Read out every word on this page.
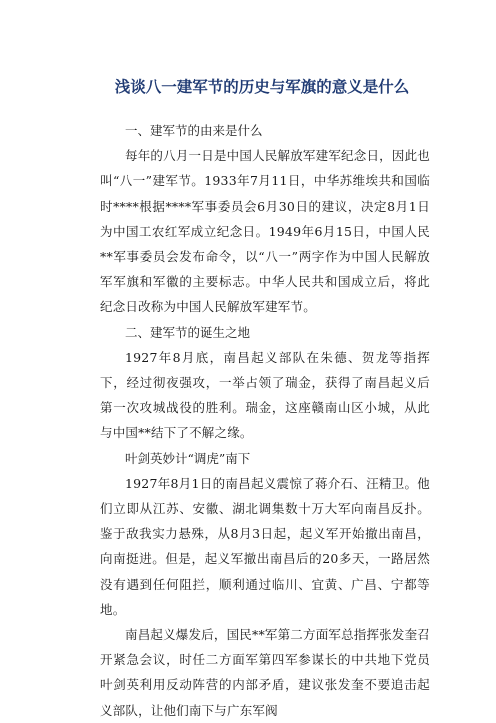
浅谈八一建军节的历史与军旗的意义是什么

一、建军节的由来是什么

每年的八月一日是中国人民解放军建军纪念日，因此也叫“八一”建军节。1933年7月11日，中华苏维埃共和国临时****根据****军事委员会6月30日的建议，决定8月1日为中国工农红军成立纪念日。1949年6月15日，中国人民**军事委员会发布命令，以“八一”两字作为中国人民解放军军旗和军徽的主要标志。中华人民共和国成立后，将此纪念日改称为中国人民解放军建军节。

二、建军节的诞生之地

1927年8月底，南昌起义部队在朱德、贺龙等指挥下，经过彻夜强攻，一举占领了瑞金，获得了南昌起义后第一次攻城战役的胜利。瑞金，这座赣南山区小城，从此与中国**结下了不解之缘。

叶剑英妙计“调虎”南下

1927年8月1日的南昌起义震惊了蒋介石、汪精卫。他们立即从江苏、安徽、湖北调集数十万大军向南昌反扑。鉴于敌我实力悬殊，从8月3日起，起义军开始撤出南昌，向南挺进。但是，起义军撤出南昌后的20多天，一路居然没有遇到任何阻拦，顺利通过临川、宜黄、广昌、宁都等地。

南昌起义爆发后，国民**军第二方面军总指挥张发奎召开紧急会议，时任二方面军第四军参谋长的中共地下党员叶剑英利用反动阵营的内部矛盾，建议张发奎不要追击起义部队，让他们南下与广东军阀
